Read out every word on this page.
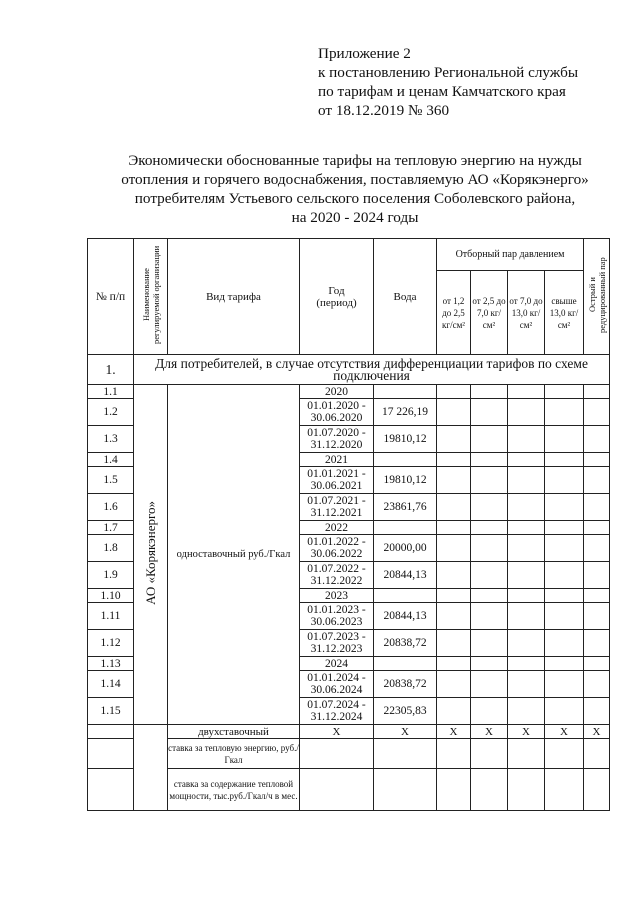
Приложение 2
к постановлению Региональной службы
по тарифам и ценам Камчатского края
от 18.12.2019 № 360
Экономически обоснованные тарифы на тепловую энергию на нужды
отопления и горячего водоснабжения, поставляемую АО «Корякэнерго»
потребителям Устьевого сельского поселения Соболевского района,
на 2020 - 2024 годы
№ п/п	Наименование регулируемой организации	Вид тарифа	Год (период)	Вода	Отборный пар давлением				Острый и редуцированный пар
					от 1,2 до 2,5 кг/см²	от 2,5 до 7,0 кг/см²	от 7,0 до 13,0 кг/см²	свыше 13,0 кг/см²	
1.	Для потребителей, в случае отсутствия дифференциации тарифов по схеме подключения								
1.1	АО «Корякэнерго»	одноставочный руб./Гкал	2020						
1.2			01.01.2020 - 30.06.2020	17 226,19					
1.3			01.07.2020 - 31.12.2020	19810,12					
1.4			2021						
1.5			01.01.2021 - 30.06.2021	19810,12					
1.6			01.07.2021 - 31.12.2021	23861,76					
1.7			2022						
1.8			01.01.2022 - 30.06.2022	20000,00					
1.9			01.07.2022 - 31.12.2022	20844,13					
1.10			2023						
1.11			01.01.2023 - 30.06.2023	20844,13					
1.12			01.07.2023 - 31.12.2023	20838,72					
1.13			2024						
1.14			01.01.2024 - 30.06.2024	20838,72					
1.15			01.07.2024 - 31.12.2024	22305,83					
		двухставочный	X	X	X	X	X	X	X
		ставка за тепловую энергию, руб./Гкал							
		ставка за содержание тепловой мощности, тыс.руб./Гкал/ч в мес.							
